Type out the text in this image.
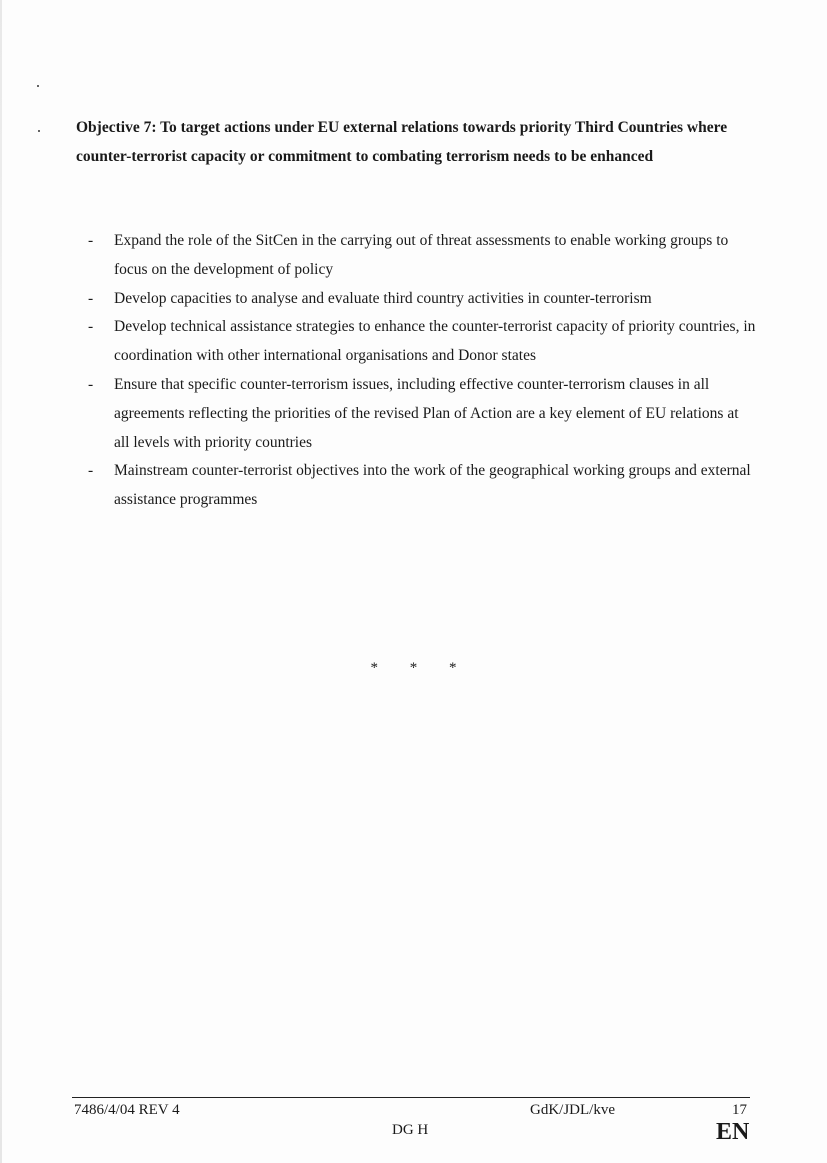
Objective 7: To target actions under EU external relations towards priority Third Countries where counter-terrorist capacity or commitment to combating terrorism needs to be enhanced

- Expand the role of the SitCen in the carrying out of threat assessments to enable working groups to focus on the development of policy
- Develop capacities to analyse and evaluate third country activities in counter-terrorism
- Develop technical assistance strategies to enhance the counter-terrorist capacity of priority countries, in coordination with other international organisations and Donor states
- Ensure that specific counter-terrorism issues, including effective counter-terrorism clauses in all agreements reflecting the priorities of the revised Plan of Action are a key element of EU relations at all levels with priority countries
- Mainstream counter-terrorist objectives into the work of the geographical working groups and external assistance programmes
* * *
7486/4/04 REV 4	GdK/JDL/kve	17
DG H	EN
